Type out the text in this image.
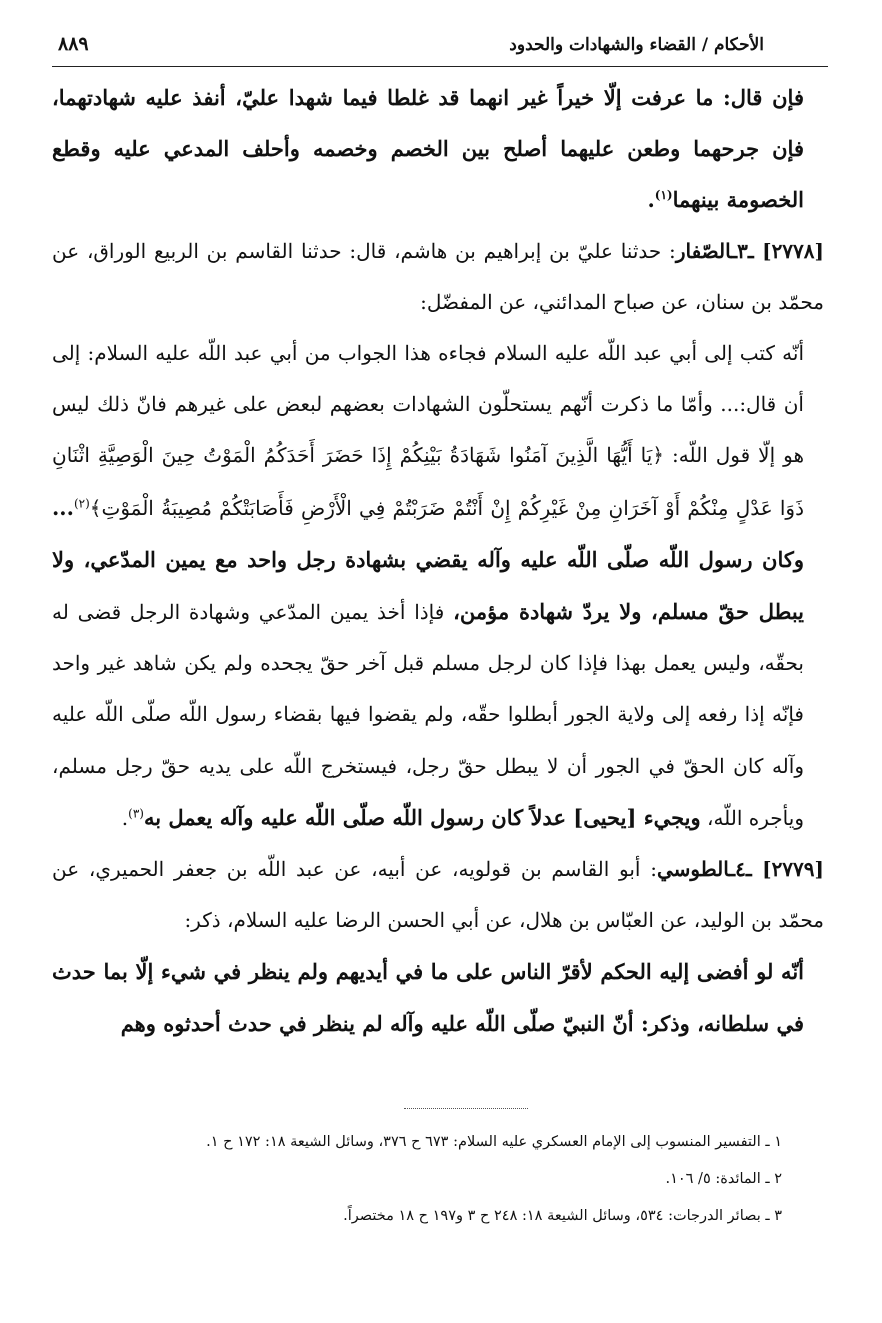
الأحكام / القضاء والشهادات والحدود
٨٨٩

فإن قال: ما عرفت إلّا خيراً غير انهما قد غلطا فيما شهدا عليّ، أنفذ عليه شهادتهما، فإن جرحهما وطعن عليهما أصلح بين الخصم وخصمه وأحلف المدعي عليه وقطع الخصومة بينهما$^{(١)}$.

[٢٧٧٨] ـ٣ـالصّفار: حدثنا عليّ بن إبراهيم بن هاشم، قال: حدثنا القاسم بن الربيع الوراق، عن محمّد بن سنان، عن صباح المدائني، عن المفضّل:

أنّه كتب إلى أبي عبد اللّه عليه السلام فجاءه هذا الجواب من أبي عبد اللّه عليه السلام: إلى أن قال:... وأمّا ما ذكرت أنّهم يستحلّون الشهادات بعضهم لبعض على غيرهم فانّ ذلك ليس هو إلّا قول اللّه: ﴿يَا أَيُّهَا الَّذِينَ آمَنُوا شَهَادَةُ بَيْنِكُمْ إِذَا حَضَرَ أَحَدَكُمُ الْمَوْتُ حِينَ الْوَصِيَّةِ اثْنَانِ ذَوَا عَدْلٍ مِنْكُمْ أَوْ آخَرَانِ مِنْ غَيْرِكُمْ إِنْ أَنْتُمْ ضَرَبْتُمْ فِي الْأَرْضِ فَأَصَابَتْكُمْ مُصِيبَةُ الْمَوْتِ﴾$^{(٢)}$... وكان رسول اللّه صلّى اللّه عليه وآله يقضي بشهادة رجل واحد مع يمين المدّعي، ولا يبطل حقّ مسلم، ولا يردّ شهادة مؤمن، فإذا أخذ يمين المدّعي وشهادة الرجل قضى له بحقّه، وليس يعمل بهذا فإذا كان لرجل مسلم قبل آخر حقّ يجحده ولم يكن شاهد غير واحد فإنّه إذا رفعه إلى ولاية الجور أبطلوا حقّه، ولم يقضوا فيها بقضاء رسول اللّه صلّى اللّه عليه وآله كان الحقّ في الجور أن لا يبطل حقّ رجل، فيستخرج اللّه على يديه حقّ رجل مسلم، ويأجره اللّه، ويجيء [يحيى] عدلاً كان رسول اللّه صلّى اللّه عليه وآله يعمل به$^{(٣)}$.

[٢٧٧٩] ـ٤ـالطوسي: أبو القاسم بن قولويه، عن أبيه، عن عبد اللّه بن جعفر الحميري، عن محمّد بن الوليد، عن العبّاس بن هلال، عن أبي الحسن الرضا عليه السلام، ذكر:

أنّه لو أفضى إليه الحكم لأقرّ الناس على ما في أيديهم ولم ينظر في شيء إلّا بما حدث في سلطانه، وذكر: أنّ النبيّ صلّى اللّه عليه وآله لم ينظر في حدث أحدثوه وهم

١ ـ التفسير المنسوب إلى الإمام العسكري عليه السلام: ٦٧٣ ح ٣٧٦، وسائل الشيعة ١٨: ١٧٢ ح ١.

٢ ـ المائدة: ٥/ ١٠٦.

٣ ـ بصائر الدرجات: ٥٣٤، وسائل الشيعة ١٨: ٢٤٨ ح ٣ و١٩٧ ح ١٨ مختصراً.
